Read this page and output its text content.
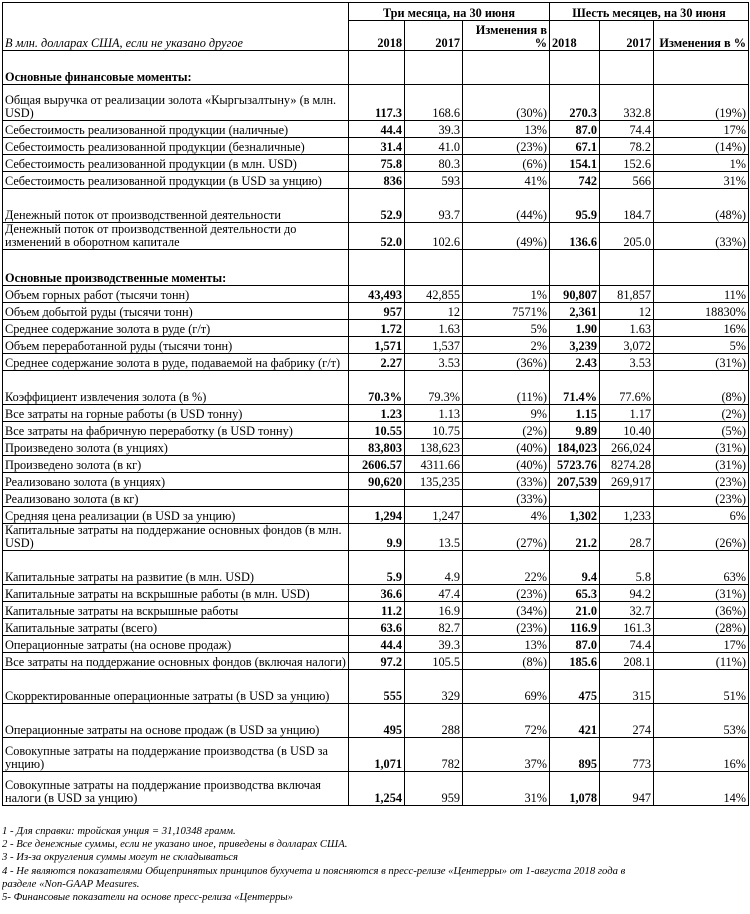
В млн. долларах США, если не указано другое	Три месяца, на 30 июня			Шесть месяцев, на 30 июня		
	2018	2017	Изменения в %	2018	2017	Изменения в %
Основные финансовые моменты:						
Общая выручка от реализации золота «Кыргызалтыну» (в млн. USD)	117.3	168.6	(30%)	270.3	332.8	(19%)
Себестоимость реализованной продукции (наличные)	44.4	39.3	13%	87.0	74.4	17%
Себестоимость реализованной продукции (безналичные)	31.4	41.0	(23%)	67.1	78.2	(14%)
Себестоимость реализованной продукции (в млн. USD)	75.8	80.3	(6%)	154.1	152.6	1%
Себестоимость реализованной продукции (в USD за унцию)	836	593	41%	742	566	31%
Денежный поток от производственной деятельности	52.9	93.7	(44%)	95.9	184.7	(48%)
Денежный поток от производственной деятельности до изменений в оборотном капитале	52.0	102.6	(49%)	136.6	205.0	(33%)
Основные производственные моменты:						
Объем горных работ (тысячи тонн)	43,493	42,855	1%	90,807	81,857	11%
Объем добытой руды (тысячи тонн)	957	12	7571%	2,361	12	18830%
Среднее содержание золота в руде (г/т)	1.72	1.63	5%	1.90	1.63	16%
Объем переработанной руды (тысячи тонн)	1,571	1,537	2%	3,239	3,072	5%
Среднее содержание золота в руде, подаваемой на фабрику (г/т)	2.27	3.53	(36%)	2.43	3.53	(31%)
Коэффициент извлечения золота (в %)	70.3%	79.3%	(11%)	71.4%	77.6%	(8%)
Все затраты на горные работы (в USD тонну)	1.23	1.13	9%	1.15	1.17	(2%)
Все затраты на фабричную переработку (в USD тонну)	10.55	10.75	(2%)	9.89	10.40	(5%)
Произведено золота (в унциях)	83,803	138,623	(40%)	184,023	266,024	(31%)
Произведено золота (в кг)	2606.57	4311.66	(40%)	5723.76	8274.28	(31%)
Реализовано золота (в унциях)	90,620	135,235	(33%)	207,539	269,917	(23%)
Реализовано золота (в кг)			(33%)			(23%)
Средняя цена реализации (в USD за унцию)	1,294	1,247	4%	1,302	1,233	6%
Капитальные затраты на поддержание основных фондов (в млн. USD)	9.9	13.5	(27%)	21.2	28.7	(26%)
Капитальные затраты на развитие (в млн. USD)	5.9	4.9	22%	9.4	5.8	63%
Капитальные затраты на вскрышные работы (в млн. USD)	36.6	47.4	(23%)	65.3	94.2	(31%)
Капитальные затраты на вскрышные работы	11.2	16.9	(34%)	21.0	32.7	(36%)
Капитальные затраты (всего)	63.6	82.7	(23%)	116.9	161.3	(28%)
Операционные затраты (на основе продаж)	44.4	39.3	13%	87.0	74.4	17%
Все затраты на поддержание основных фондов (включая налоги)	97.2	105.5	(8%)	185.6	208.1	(11%)
Скорректированные операционные затраты (в USD за унцию)	555	329	69%	475	315	51%
Операционные затраты на основе продаж (в USD за унцию)	495	288	72%	421	274	53%
Совокупные затраты на поддержание производства (в USD за унцию)	1,071	782	37%	895	773	16%
Совокупные затраты на поддержание производства включая налоги (в USD за унцию)	1,254	959	31%	1,078	947	14%
1 - Для справки: тройская унция = 31,10348 грамм.
2 - Все денежные суммы, если не указано иное, приведены в долларах США.
3 - Из-за округления суммы могут не складываться
4 - Не являются показателями Общепринятых принципов бухучета и поясняются в пресс-релизе «Центерры» от 1-августа 2018 года в
разделе «Non-GAAP Measures.
5- Финансовые показатели на основе пресс-релиза «Центерры»
